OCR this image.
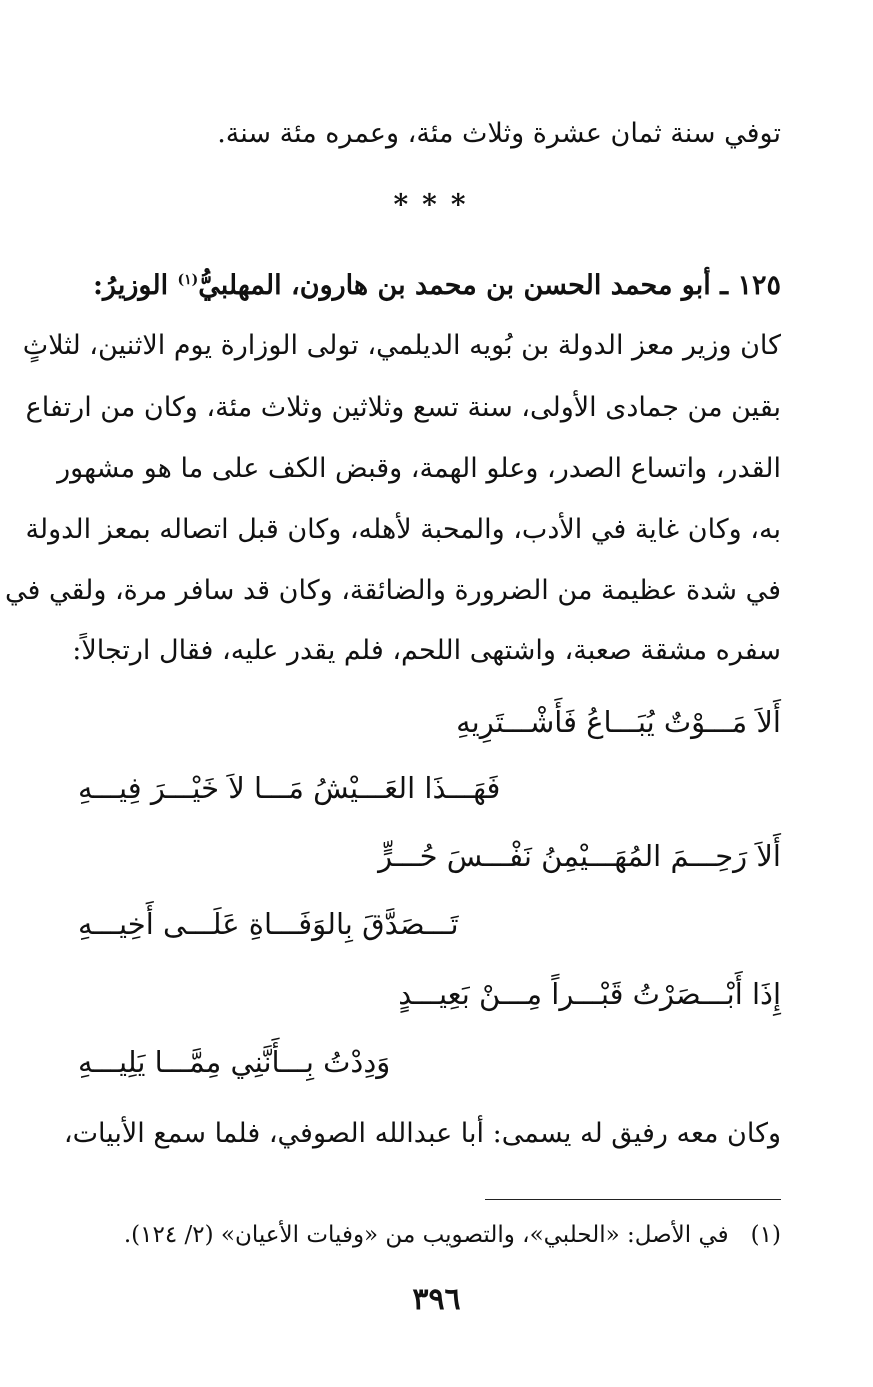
توفي سنة ثمان عشرة وثلاث مئة، وعمره مئة سنة.
***
١٢٥ ـ أبو محمد الحسن بن محمد بن هارون، المهلبيُّ$^{(١)}$ الوزيرُ:
كان وزير معز الدولة بن بُويه الديلمي، تولى الوزارة يوم الاثنين، لثلاثٍ
بقين من جمادى الأولى، سنة تسع وثلاثين وثلاث مئة، وكان من ارتفاع
القدر، واتساع الصدر، وعلو الهمة، وقبض الكف على ما هو مشهور
به، وكان غاية في الأدب، والمحبة لأهله، وكان قبل اتصاله بمعز الدولة
في شدة عظيمة من الضرورة والضائقة، وكان قد سافر مرة، ولقي في
سفره مشقة صعبة، واشتهى اللحم، فلم يقدر عليه، فقال ارتجالاً:
أَلاَ مَـــوْتٌ يُبَـــاعُ فَأَشْـــتَرِيهِ
فَهَـــذَا العَـــيْشُ مَـــا لاَ خَيْـــرَ فِيـــهِ
أَلاَ رَحِـــمَ المُهَـــيْمِنُ نَفْـــسَ حُـــرٍّ
تَـــصَدَّقَ بِالوَفَـــاةِ عَلَـــى أَخِيـــهِ
إِذَا أَبْـــصَرْتُ قَبْـــراً مِـــنْ بَعِيـــدٍ
وَدِدْتُ بِـــأَنَّنِي مِمَّـــا يَلِيـــهِ
وكان معه رفيق له يسمى: أبا عبدالله الصوفي، فلما سمع الأبيات،
(١)في الأصل: «الحلبي»، والتصويب من «وفيات الأعيان» (٢/ ١٢٤).
٣٩٦
